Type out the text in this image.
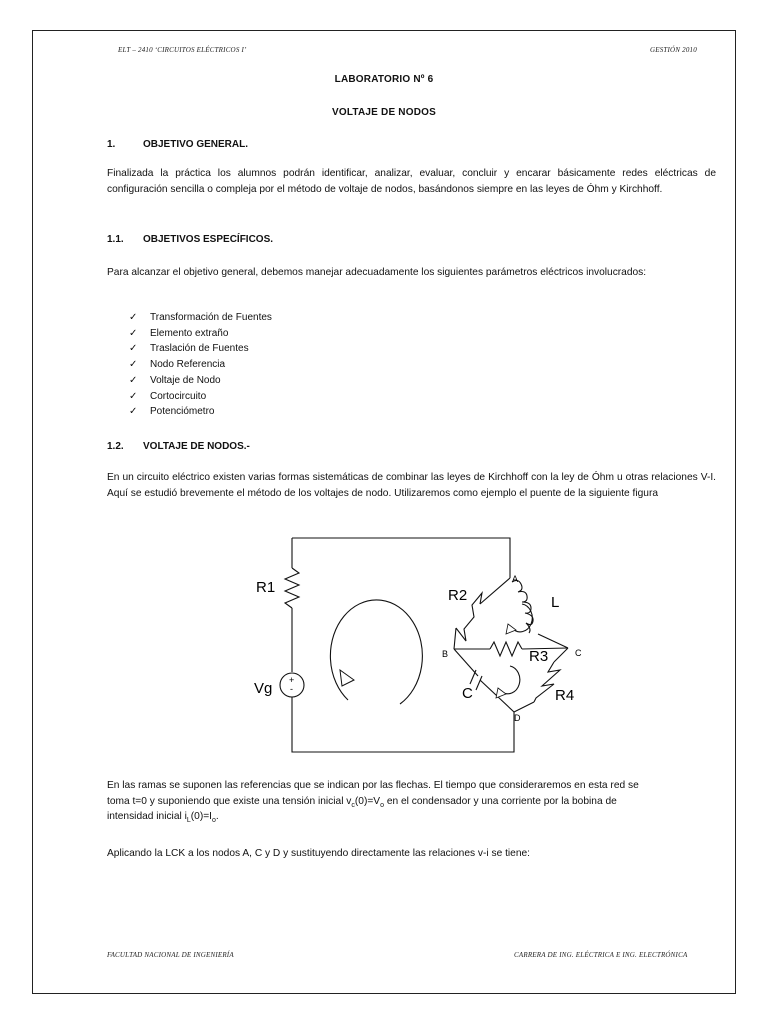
ELT – 2410 ‘CIRCUITOS ELÉCTRICOS I’	GESTIÓN 2010
LABORATORIO Nº 6
VOLTAJE DE NODOS
1.	OBJETIVO GENERAL.
Finalizada la práctica los alumnos podrán identificar, analizar, evaluar, concluir y encarar básicamente redes eléctricas de configuración sencilla o compleja por el método de voltaje de nodos, basándonos siempre en las leyes de Óhm y Kirchhoff.
1.1. OBJETIVOS ESPECÍFICOS.
Para alcanzar el objetivo general, debemos manejar adecuadamente los siguientes parámetros eléctricos involucrados:
✓ Transformación de Fuentes
✓ Elemento extraño
✓ Traslación de Fuentes
✓ Nodo Referencia
✓ Voltaje de Nodo
✓ Cortocircuito
✓ Potenciómetro
1.2. VOLTAJE DE NODOS.-
En un circuito eléctrico existen varias formas sistemáticas de combinar las leyes de Kirchhoff con la ley de Óhm u otras relaciones V-I. Aquí se estudió brevemente el método de los voltajes de nodo. Utilizaremos como ejemplo el puente de la siguiente figura
R1
Vg +
-
R2	L
R3
C	R4
A
B	C
D
En las ramas se suponen las referencias que se indican por las flechas. El tiempo que consideraremos en esta red se
toma t=0 y suponiendo que existe una tensión inicial $v_c(0)=V_o$ en el condensador y una corriente por la bobina de
intensidad inicial $i_L(0)=I_o$.
Aplicando la LCK a los nodos A, C y D y sustituyendo directamente las relaciones v-i se tiene:
FACULTAD NACIONAL DE INGENIERÍA	CARRERA DE ING. ELÉCTRICA E ING. ELECTRÓNICA
